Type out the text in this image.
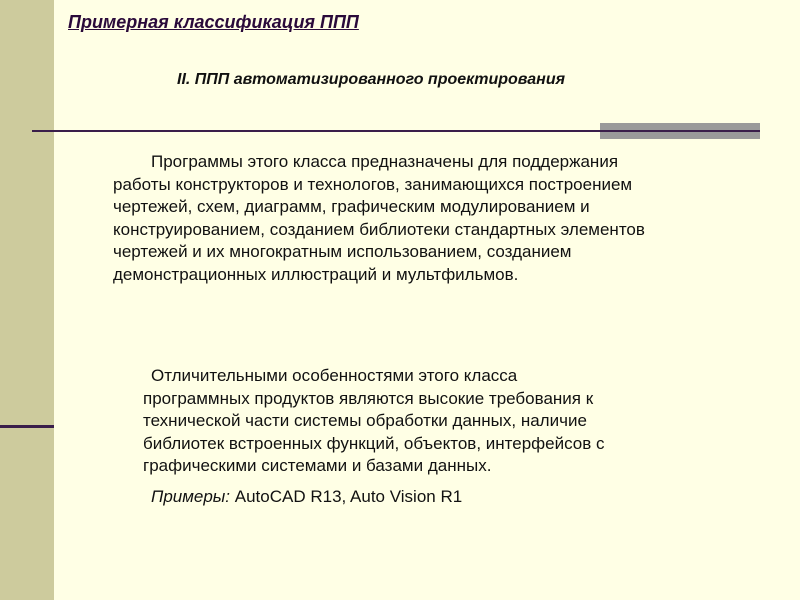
Примерная классификация ППП
II. ППП автоматизированного проектирования
Программы этого класса предназначены для поддержания
работы конструкторов и технологов, занимающихся построением
чертежей, схем, диаграмм, графическим модулированием и
конструированием, созданием библиотеки стандартных элементов
чертежей и их многократным использованием, созданием
демонстрационных иллюстраций и мультфильмов.
Отличительными особенностями этого класса
программных продуктов являются высокие требования к
технической части системы обработки данных, наличие
библиотек встроенных функций, объектов, интерфейсов с
графическими системами и базами данных.
Примеры: AutoCAD R13, Auto Vision R1
